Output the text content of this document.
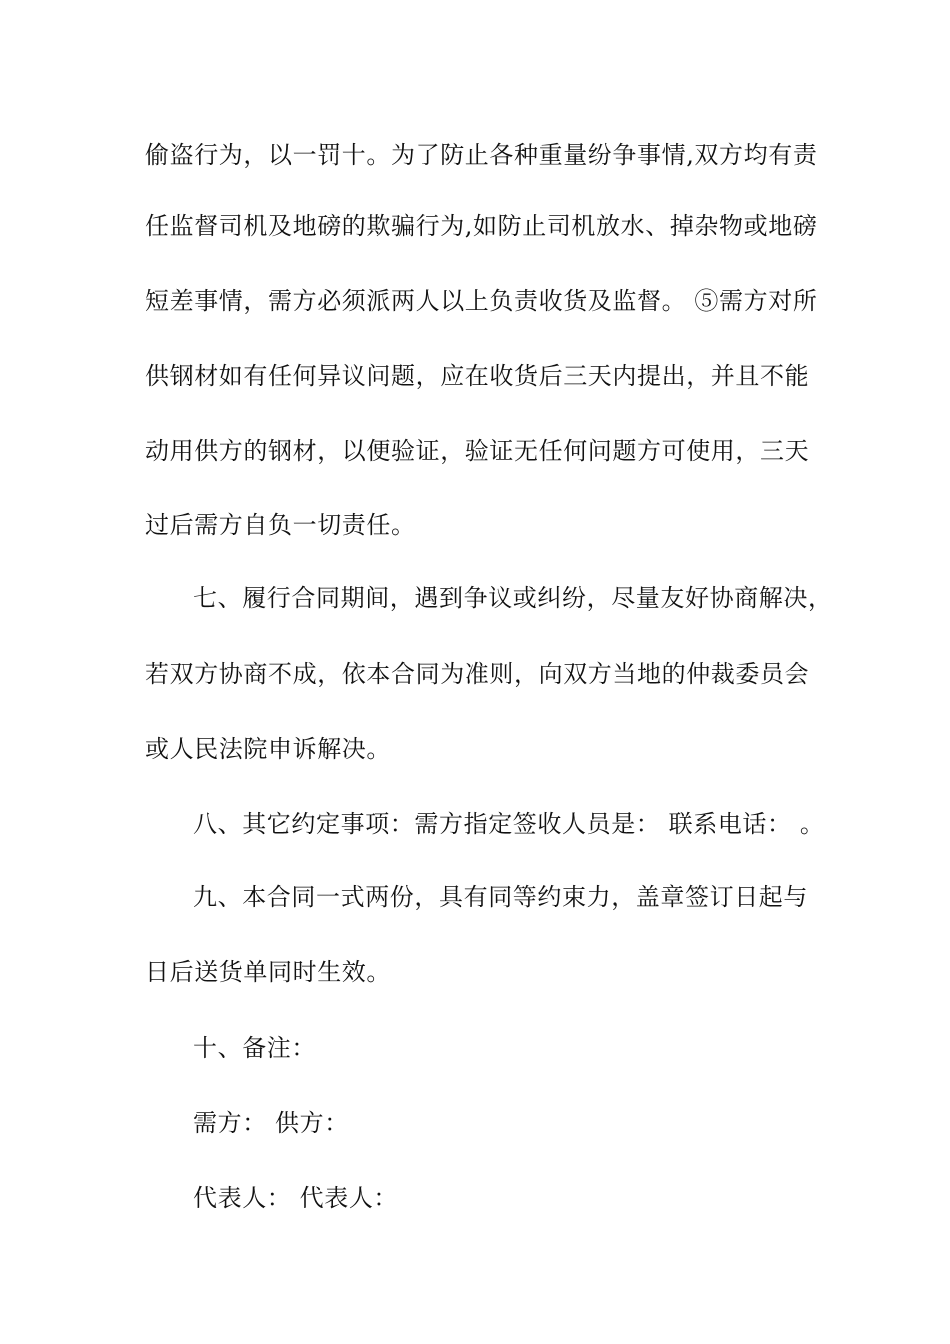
偷盗行为，以一罚十。为了防止各种重量纷争事情,双方均有责
任监督司机及地磅的欺骗行为,如防止司机放水、掉杂物或地磅
短差事情，需方必须派两人以上负责收货及监督。 ⑤需方对所
供钢材如有任何异议问题，应在收货后三天内提出，并且不能
动用供方的钢材，以便验证，验证无任何问题方可使用，三天
过后需方自负一切责任。
七、履行合同期间，遇到争议或纠纷，尽量友好协商解决，
若双方协商不成，依本合同为准则，向双方当地的仲裁委员会
或人民法院申诉解决。
八、其它约定事项：需方指定签收人员是： 联系电话： 。
九、本合同一式两份，具有同等约束力，盖章签订日起与
日后送货单同时生效。
十、备注：
需方： 供方：
代表人： 代表人：
